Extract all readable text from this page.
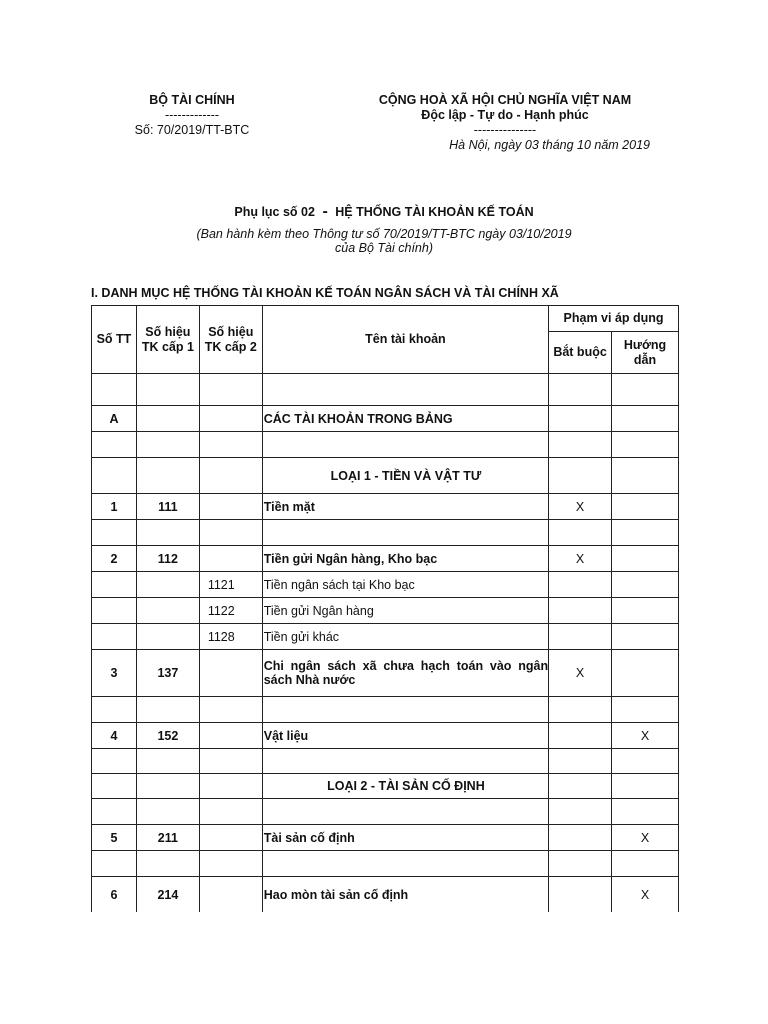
BỘ TÀI CHÍNH
-------------
Số: 70/2019/TT-BTC
CỘNG HOÀ XÃ HỘI CHỦ NGHĨA VIỆT NAM
Độc lập - Tự do - Hạnh phúc
---------------
Hà Nội, ngày 03 tháng 10 năm 2019
Phụ lục số 02 - HỆ THỐNG TÀI KHOẢN KẾ TOÁN
(Ban hành kèm theo Thông tư số 70/2019/TT-BTC ngày 03/10/2019
của Bộ Tài chính)
I. DANH MỤC HỆ THỐNG TÀI KHOẢN KẾ TOÁN NGÂN SÁCH VÀ TÀI CHÍNH XÃ
Số TT	Số hiệu TK cấp 1	Số hiệu TK cấp 2	Tên tài khoản	Phạm vi áp dụng	
				Bắt buộc	Hướng dẫn

A			CÁC TÀI KHOẢN TRONG BẢNG		

			LOẠI 1 - TIỀN VÀ VẬT TƯ		
1	111		Tiền mặt	X	

2	112		Tiền gửi Ngân hàng, Kho bạc	X	
		1121	Tiền ngân sách tại Kho bạc		
		1122	Tiền gửi Ngân hàng		
		1128	Tiền gửi khác		
3	137		Chi ngân sách xã chưa hạch toán vào ngân sách Nhà nước	X	

4	152		Vật liệu		X

			LOẠI 2 - TÀI SẢN CỐ ĐỊNH		

5	211		Tài sản cố định		X

6	214		Hao mòn tài sản cố định		X
